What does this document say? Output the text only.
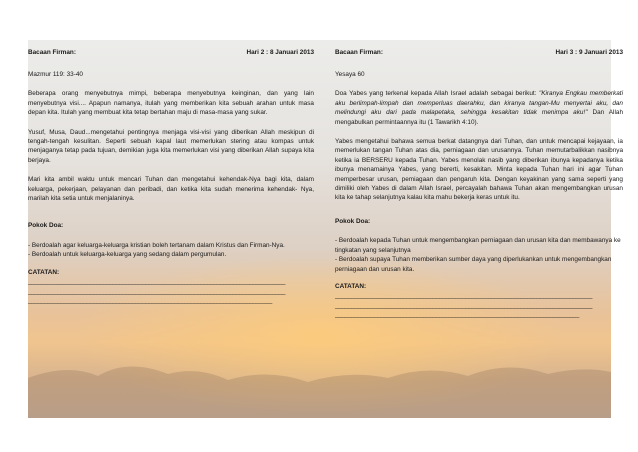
Bacaan Firman:	Hari 2 : 8 Januari 2013
Mazmur 119: 33-40
Beberapa orang menyebutnya mimpi, beberapa menyebutnya keinginan, dan yang lain menyebutnya visi.... Apapun namanya, itulah yang memberikan kita sebuah arahan untuk masa depan kita. Itulah yang membuat kita tetap bertahan maju di masa-masa yang sukar.
Yusuf, Musa, Daud...mengetahui pentingnya menjaga visi-visi yang diberikan Allah meskipun di tengah-tengah kesulitan. Seperti sebuah kapal laut memerlukan stering atau kompas untuk menjaganya tetap pada tujuan, demikian juga kita memerlukan visi yang diberikan Allah supaya kita berjaya.
Mari kita ambil waktu untuk mencari Tuhan dan mengetahui kehendak-Nya bagi kita, dalam keluarga, pekerjaan, pelayanan dan peribadi, dan ketika kita sudah menerima kehendak- Nya, marilah kita setia untuk menjalaninya.
Pokok Doa:
- Berdoalah agar keluarga-keluarga kristian boleh tertanam dalam Kristus dan Firman-Nya.
- Berdoalah untuk keluarga-keluarga yang sedang dalam pergumulan.
CATATAN:
_______________________________________________________________________________
_______________________________________________________________________________
___________________________________________________________________________
Bacaan Firman:	Hari 3 : 9 Januari 2013
Yesaya 60
Doa Yabes yang terkenal kepada Allah Israel adalah sebagai berikut: "Kiranya Engkau memberkati aku berlimpah-limpah dan memperluas daerahku, dan kiranya tangan-Mu menyertai aku, dan melindungi aku dari pada malapetaka, sehingga kesakitan tidak menimpa aku!" Dan Allah mengabulkan permintaannya itu (1 Tawarikh 4:10).
Yabes mengetahui bahawa semua berkat datangnya dari Tuhan, dan untuk mencapai kejayaan, ia memerlukan tangan Tuhan atas dia, perniagaan dan urusannya. Tuhan memutarbalikkan nasibnya ketika ia BERSERU kepada Tuhan. Yabes menolak nasib yang diberikan ibunya kepadanya ketika ibunya menamainya Yabes, yang bererti, kesakitan. Minta kepada Tuhan hari ini agar Tuhan memperbesar urusan, pemiagaan dan pengaruh kita. Dengan keyakinan yang sama seperti yang dimiliki oleh Yabes di dalam Allah Israel, percayalah bahawa Tuhan akan mengembangkan urusan kita ke tahap selanjutnya kalau kita mahu bekerja keras untuk itu.
Pokok Doa:
- Berdoalah kepada Tuhan untuk mengembangkan perniagaan dan urusan kita dan membawanya ke tingkatan yang selanjutnya
- Berdoalah supaya Tuhan memberikan sumber daya yang diperlukankan untuk mengembangkan perniagaan dan urusan kita.
CATATAN:
_______________________________________________________________________________
_______________________________________________________________________________
___________________________________________________________________________
